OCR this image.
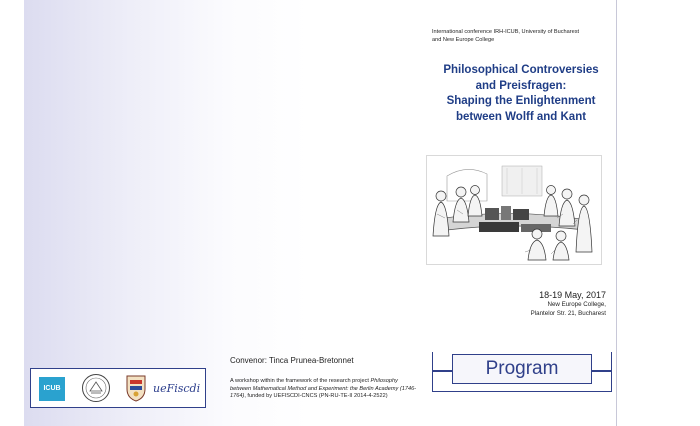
ICUB	ueFiscdi
Convenor: Tinca Prunea-Bretonnet
A workshop within the framework of the research project Philosophy between Mathematical Method and Experiment: the Berlin Academy (1746-1764), funded by UEFISCDI-CNCS (PN-RU-TE-II 2014-4-2522)
International conference IRH-ICUB, University of Bucharest
and New Europe College
Philosophical Controversies
and Preisfragen:
Shaping the Enlightenment
between Wolff and Kant
18-19 May, 2017
New Europe College,
Plantelor Str. 21, Bucharest
Program
